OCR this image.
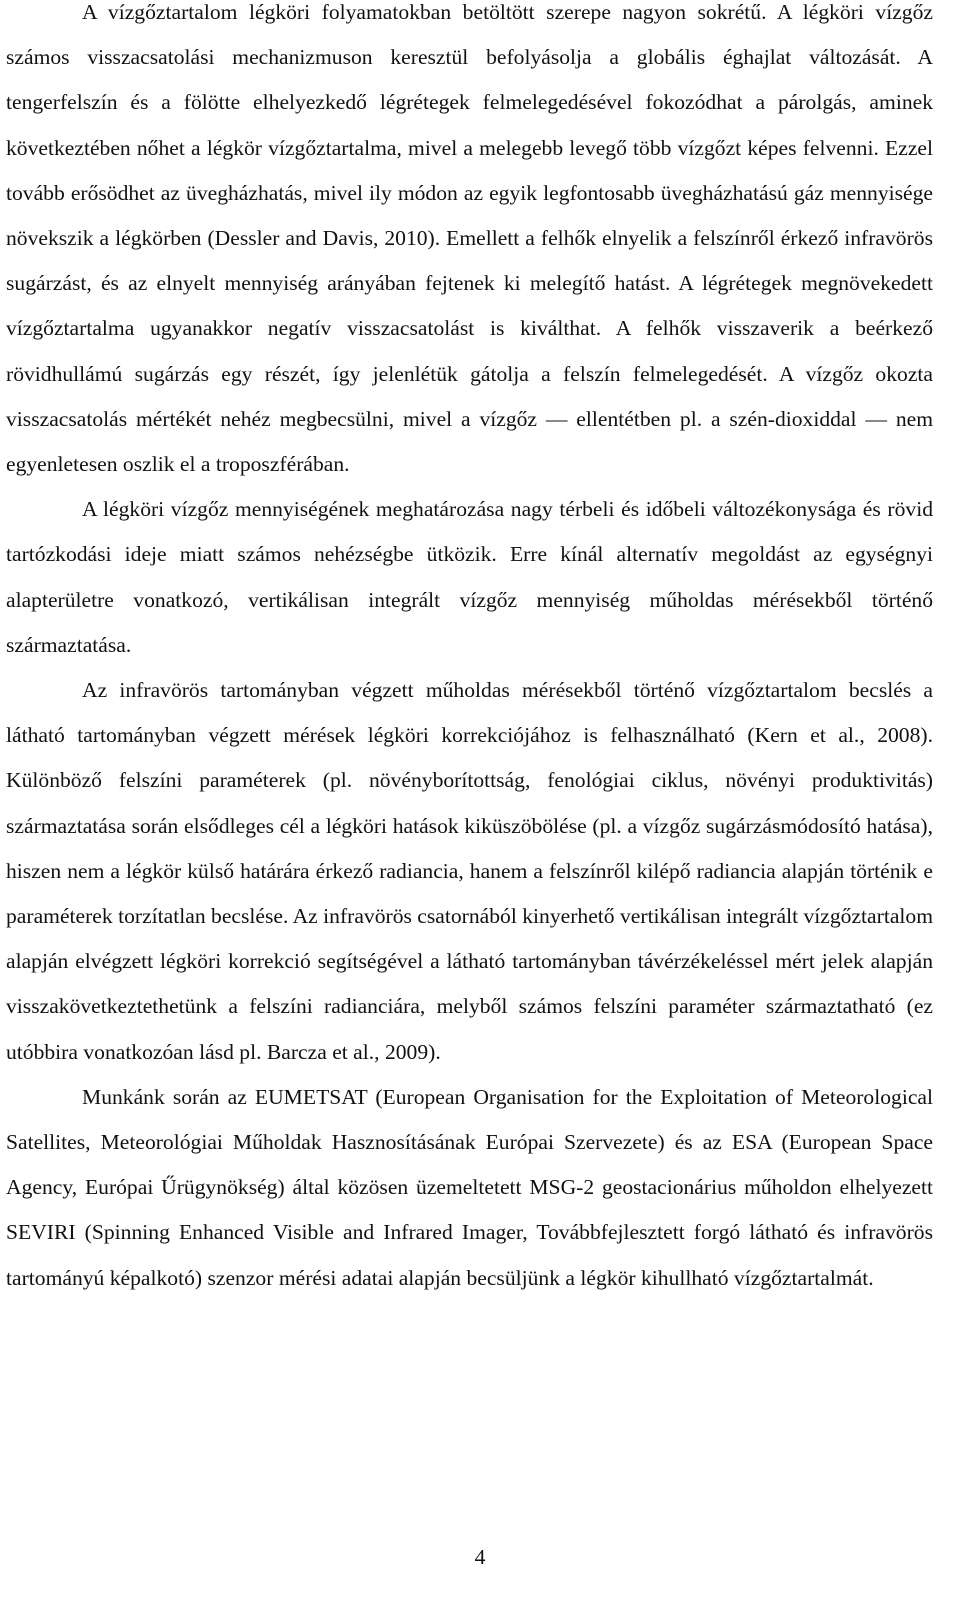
A vízgőztartalom légköri folyamatokban betöltött szerepe nagyon sokrétű. A légköri vízgőz számos visszacsatolási mechanizmuson keresztül befolyásolja a globális éghajlat változását. A tengerfelszín és a fölötte elhelyezkedő légrétegek felmelegedésével fokozódhat a párolgás, aminek következtében nőhet a légkör vízgőztartalma, mivel a melegebb levegő több vízgőzt képes felvenni. Ezzel tovább erősödhet az üvegházhatás, mivel ily módon az egyik legfontosabb üvegházhatású gáz mennyisége növekszik a légkörben (Dessler and Davis, 2010). Emellett a felhők elnyelik a felszínről érkező infravörös sugárzást, és az elnyelt mennyiség arányában fejtenek ki melegítő hatást. A légrétegek megnövekedett vízgőztartalma ugyanakkor negatív visszacsatolást is kiválthat. A felhők visszaverik a beérkező rövidhullámú sugárzás egy részét, így jelenlétük gátolja a felszín felmelegedését. A vízgőz okozta visszacsatolás mértékét nehéz megbecsülni, mivel a vízgőz — ellentétben pl. a szén-dioxiddal — nem egyenletesen oszlik el a troposzférában.

A légköri vízgőz mennyiségének meghatározása nagy térbeli és időbeli változékonysága és rövid tartózkodási ideje miatt számos nehézségbe ütközik. Erre kínál alternatív megoldást az egységnyi alapterületre vonatkozó, vertikálisan integrált vízgőz mennyiség műholdas mérésekből történő származtatása.

Az infravörös tartományban végzett műholdas mérésekből történő vízgőztartalom becslés a látható tartományban végzett mérések légköri korrekciójához is felhasználható (Kern et al., 2008). Különböző felszíni paraméterek (pl. növényborítottság, fenológiai ciklus, növényi produktivitás) származtatása során elsődleges cél a légköri hatások kiküszöbölése (pl. a vízgőz sugárzásmódosító hatása), hiszen nem a légkör külső határára érkező radiancia, hanem a felszínről kilépő radiancia alapján történik e paraméterek torzítatlan becslése. Az infravörös csatornából kinyerhető vertikálisan integrált vízgőztartalom alapján elvégzett légköri korrekció segítségével a látható tartományban távérzékeléssel mért jelek alapján visszakövetkeztethetünk a felszíni radianciára, melyből számos felszíni paraméter származtatható (ez utóbbira vonatkozóan lásd pl. Barcza et al., 2009).

Munkánk során az EUMETSAT (European Organisation for the Exploitation of Meteorological Satellites, Meteorológiai Műholdak Hasznosításának Európai Szervezete) és az ESA (European Space Agency, Európai Űrügynökség) által közösen üzemeltetett MSG-2 geostacionárius műholdon elhelyezett SEVIRI (Spinning Enhanced Visible and Infrared Imager, Továbbfejlesztett forgó látható és infravörös tartományú képalkotó) szenzor mérési adatai alapján becsüljünk a légkör kihullható vízgőztartalmát.

4
